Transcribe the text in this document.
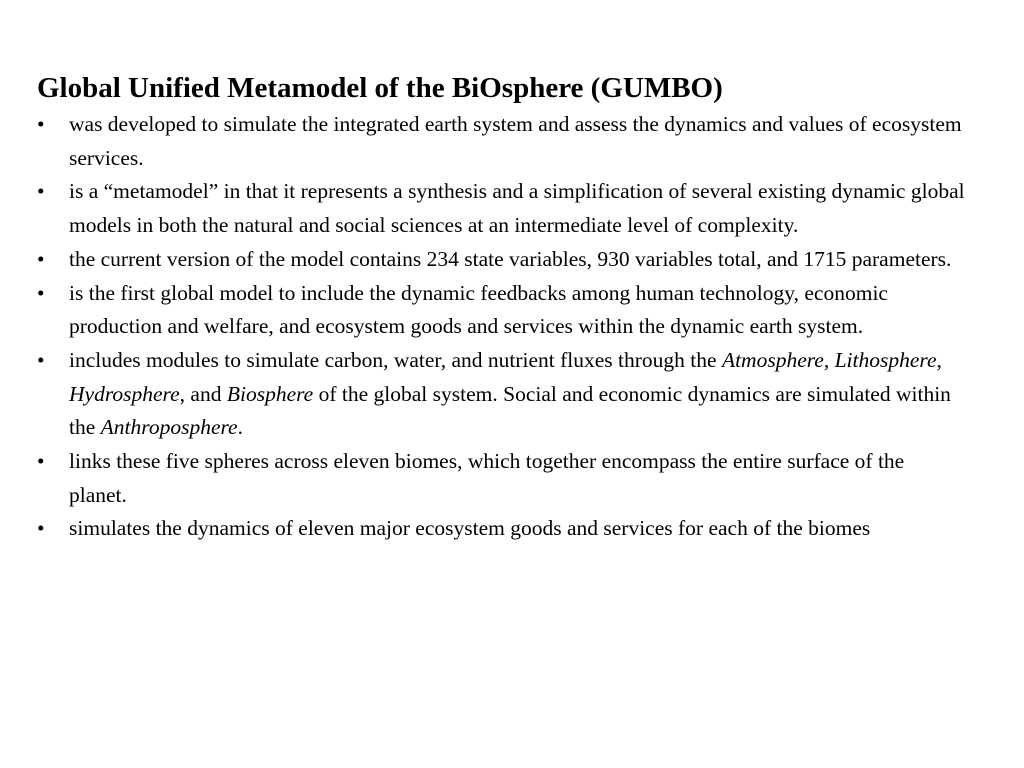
Global Unified Metamodel of the BiOsphere (GUMBO)
• was developed to simulate the integrated earth system and assess the dynamics and values of ecosystem services.
• is a “metamodel” in that it represents a synthesis and a simplification of several existing dynamic global models in both the natural and social sciences at an intermediate level of complexity.
• the current version of the model contains 234 state variables, 930 variables total, and 1715 parameters.
• is the first global model to include the dynamic feedbacks among human technology, economic production and welfare, and ecosystem goods and services within the dynamic earth system.
• includes modules to simulate carbon, water, and nutrient fluxes through the Atmosphere, Lithosphere, Hydrosphere, and Biosphere of the global system. Social and economic dynamics are simulated within the Anthroposphere.
• links these five spheres across eleven biomes, which together encompass the entire surface of the planet.
• simulates the dynamics of eleven major ecosystem goods and services for each of the biomes
